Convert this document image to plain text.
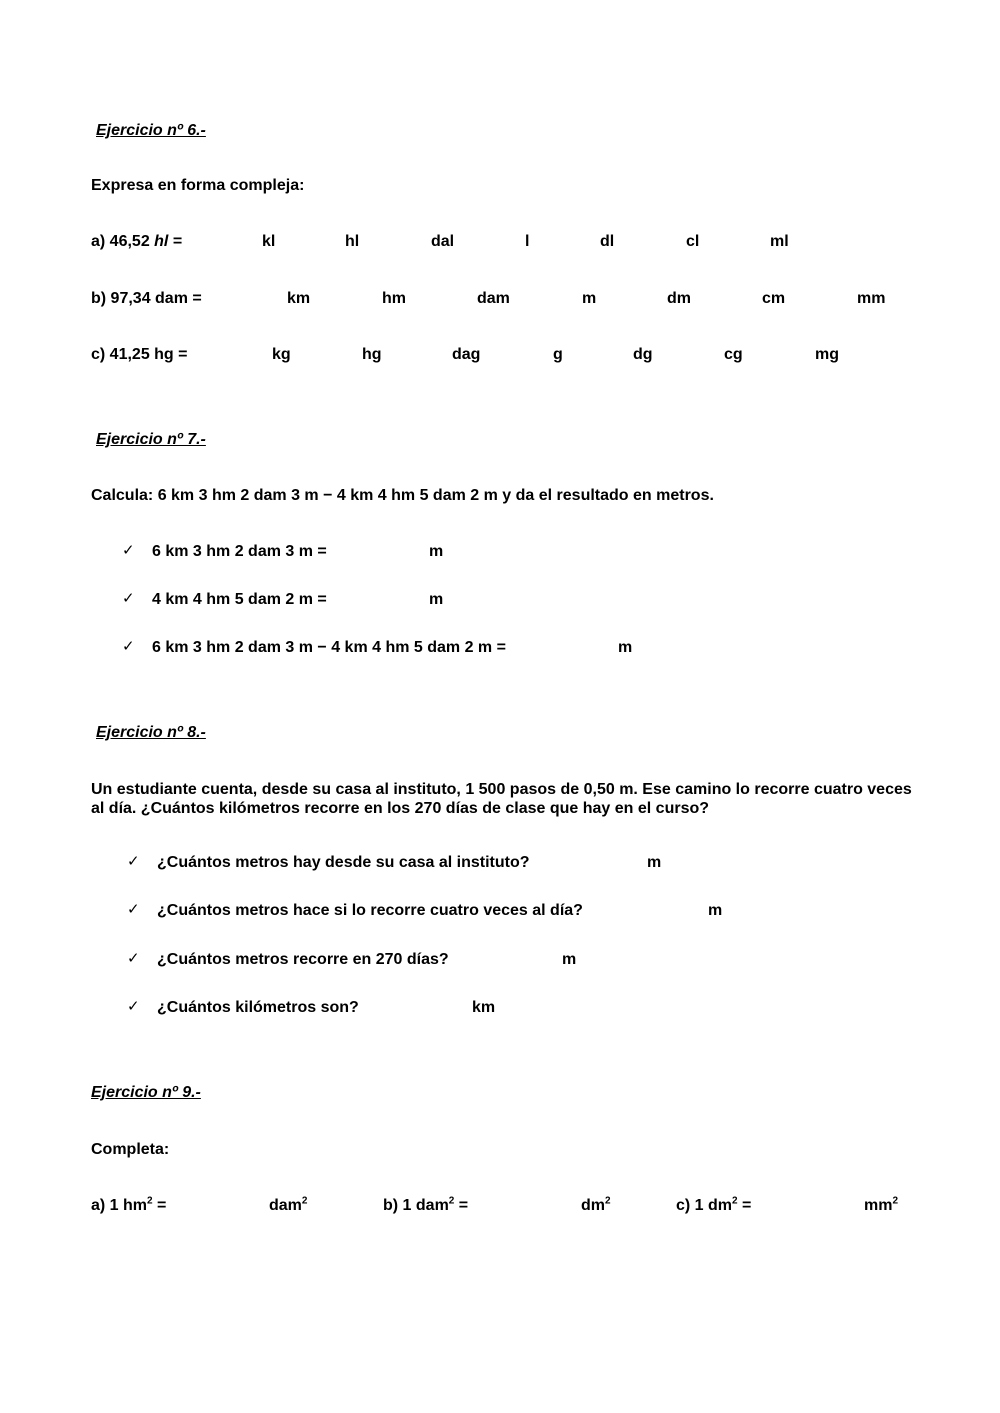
Ejercicio nº 6.-
Expresa en forma compleja:
a) 46,52 hl =	kl	hl	dal	l	dl	cl	ml
b) 97,34 dam =	km	hm	dam	m	dm	cm	mm
c) 41,25 hg =	kg	hg	dag	g	dg	cg	mg
Ejercicio nº 7.-
Calcula: 6 km 3 hm 2 dam 3 m − 4 km 4 hm 5 dam 2 m y da el resultado en metros.
✓ 6 km 3 hm 2 dam 3 m =	m
✓ 4 km 4 hm 5 dam 2 m =	m
✓ 6 km 3 hm 2 dam 3 m − 4 km 4 hm 5 dam 2 m =	m
Ejercicio nº 8.-
Un estudiante cuenta, desde su casa al instituto, 1 500 pasos de 0,50 m. Ese camino lo recorre cuatro veces al día. ¿Cuántos kilómetros recorre en los 270 días de clase que hay en el curso?
✓ ¿Cuántos metros hay desde su casa al instituto?	m
✓ ¿Cuántos metros hace si lo recorre cuatro veces al día?	m
✓ ¿Cuántos metros recorre en 270 días?	m
✓ ¿Cuántos kilómetros son?	km
Ejercicio nº 9.-
Completa:
a) 1 $hm^2$ =	dam$^2$	b) 1 dam$^2$ =	$dm^2$	c) 1 $dm^2$ =	$mm^2$
